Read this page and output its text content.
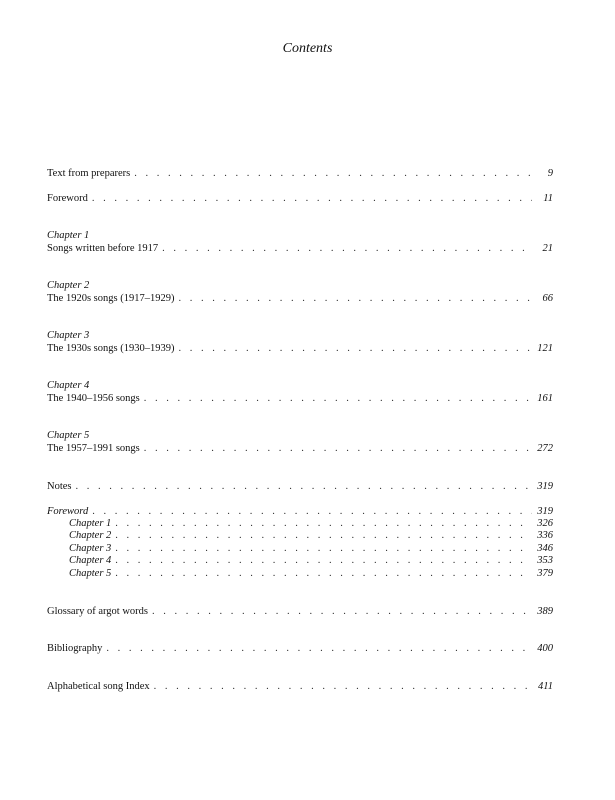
Contents
Text from preparers . . .	9
Foreword . . .	11
Chapter 1
Songs written before 1917 . . .	21
Chapter 2
The 1920s songs (1917–1929) . . .	66
Chapter 3
The 1930s songs (1930–1939) . . .	121
Chapter 4
The 1940–1956 songs . . .	161
Chapter 5
The 1957–1991 songs . . .	272
Notes . . .	319
Foreword . . .	319
Chapter 1 . . .	326
Chapter 2 . . .	336
Chapter 3 . . .	346
Chapter 4 . . .	353
Chapter 5 . . .	379
Glossary of argot words . . .	389
Bibliography . . .	400
Alphabetical song Index . . .	411
